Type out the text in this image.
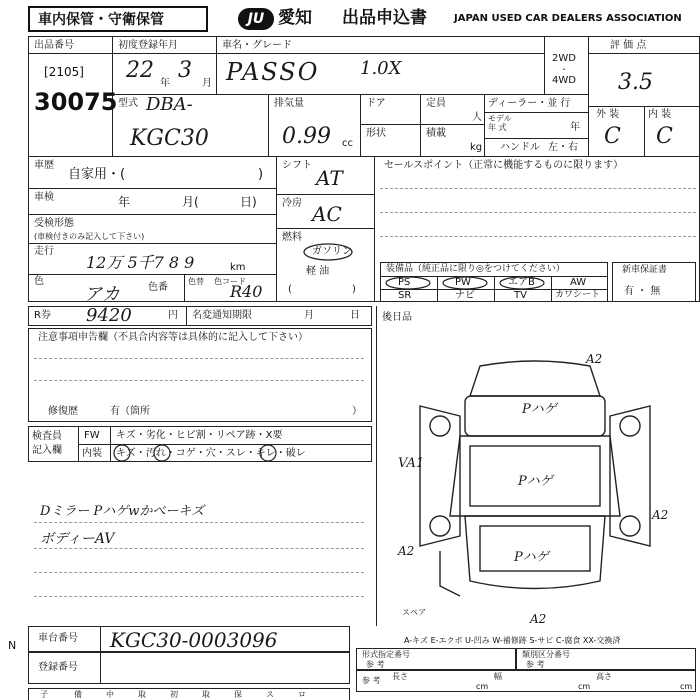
車内保管・守衛保管	JU 愛知 出品申込書	JAPAN USED CAR DEALERS ASSOCIATION
出品番号
[2105]
30075
初度登録年月
22
年
3
月
車名・グレード
PASSO 1.0X	2WD
・
4WD
評 価 点
3.5
外 装	内 装
C C
型式 DBA-
KGC30
排気量
0.99 cc
ドア
形状
定員
人
積載
kg
ディーラー・並 行
モデル
年 式	年
ハンドル 左・右
車歴
自家用・(	)
車検	年	月(	日)
受検形態
(車検付きのみ記入して下さい)
走行
12万 5千7 8 9	km
色
アカ	色番
色替 色コード
R40
シフト
AT
冷房 AC
燃料
ガソリン
軽 油
(	)
セールスポイント（正常に機能するものに限ります）
装備品（純正品に限り◎をつけてください）
PS	PW	エアB	AW
SR	ナビ	TV	カワシート
新車保証書
有 ・ 無
R券 9420	円 名変通知期限	月	日
注意事項申告欄（不具合内容等は具体的に記入して下さい）
修復歴	有（箇所	）
後日品
検査員
記入欄
FW キズ・劣化・ヒビ割・リペア跡・X要
内装 キズ・汚れ・コゲ・穴・スレ・キレ・破レ
Dミラー Pハゲwかべーキズ
ボディーAV
A2
Pハゲ
VA1
Pハゲ
A2
A2	Pハゲ
A2
スペア
A-キズ E-エクボ U-凹み W-補修跡 S-サビ C-腐食 XX-交換済
N
車台番号 KGC30-0003096
登録番号
形式指定番号
参 考
類別区分番号
参 考
参 考 長さ
cm
幅
cm
高さ
cm
子	備	中	取	初	取	保	ス	ロ
